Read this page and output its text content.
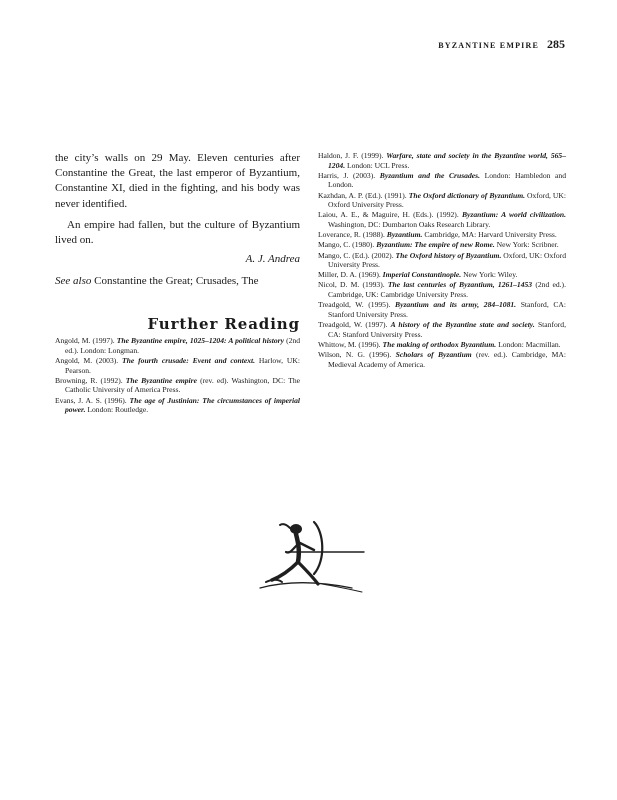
BYZANTINE EMPIRE 285

the city’s walls on 29 May. Eleven centuries after Constantine the Great, the last emperor of Byzantium, Constantine XI, died in the fighting, and his body was never identified.

An empire had fallen, but the culture of Byzantium lived on.

A. J. Andrea
See also Constantine the Great; Crusades, The
Further Reading

Angold, M. (1997). The Byzantine empire, 1025–1204: A political history (2nd ed.). London: Longman.

Angold, M. (2003). The fourth crusade: Event and context. Harlow, UK: Pearson.

Browning, R. (1992). The Byzantine empire (rev. ed). Washington, DC: The Catholic University of America Press.

Evans, J. A. S. (1996). The age of Justinian: The circumstances of imperial power. London: Routledge.

Haldon, J. F. (1999). Warfare, state and society in the Byzantine world, 565–1204. London: UCL Press.

Harris, J. (2003). Byzantium and the Crusades. London: Hambledon and London.

Kazhdan, A. P. (Ed.). (1991). The Oxford dictionary of Byzantium. Oxford, UK: Oxford University Press.

Laiou, A. E., & Maguire, H. (Eds.). (1992). Byzantium: A world civilization. Washington, DC: Dumbarton Oaks Research Library.

Loverance, R. (1988). Byzantium. Cambridge, MA: Harvard University Press.

Mango, C. (1980). Byzantium: The empire of new Rome. New York: Scribner.

Mango, C. (Ed.). (2002). The Oxford history of Byzantium. Oxford, UK: Oxford University Press.

Miller, D. A. (1969). Imperial Constantinople. New York: Wiley.

Nicol, D. M. (1993). The last centuries of Byzantium, 1261–1453 (2nd ed.). Cambridge, UK: Cambridge University Press.

Treadgold, W. (1995). Byzantium and its army, 284–1081. Stanford, CA: Stanford University Press.

Treadgold, W. (1997). A history of the Byzantine state and society. Stanford, CA: Stanford University Press.

Whittow, M. (1996). The making of orthodox Byzantium. London: Macmillan.

Wilson, N. G. (1996). Scholars of Byzantium (rev. ed.). Cambridge, MA: Medieval Academy of America.
